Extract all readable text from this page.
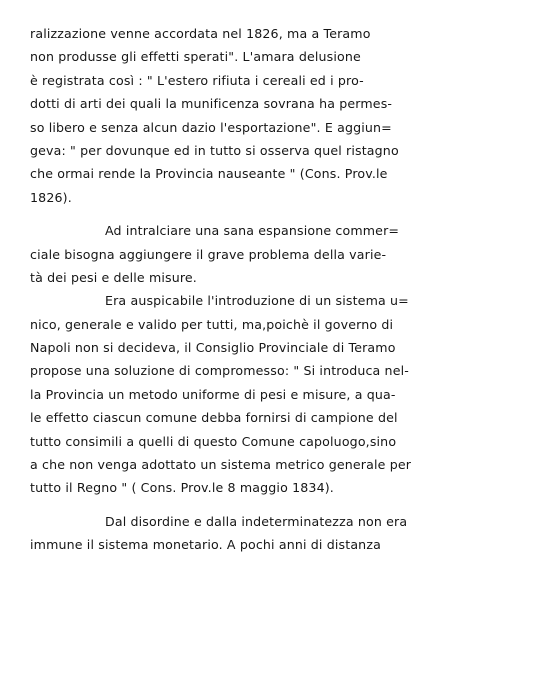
ralizzazione venne accordata nel 1826, ma a Teramo
non produsse gli effetti sperati". L'amara delusione
è registrata così : " L'estero rifiuta i cereali ed i pro-
dotti di arti dei quali la munificenza sovrana ha permes-
so libero e senza alcun dazio l'esportazione". E aggiun=
geva: " per dovunque ed in tutto si osserva quel ristagno
che ormai rende la Provincia nauseante " (Cons. Prov.le
1826).
Ad intralciare una sana espansione commer=
ciale bisogna aggiungere il grave problema della varie-
tà dei pesi e delle misure.
Era auspicabile l'introduzione di un sistema u=
nico, generale e valido per tutti, ma,poichè il governo di
Napoli non si decideva, il Consiglio Provinciale di Teramo
propose una soluzione di compromesso: " Si introduca nel-
la Provincia un metodo uniforme di pesi e misure, a qua-
le effetto ciascun comune debba fornirsi di campione del
tutto consimili a quelli di questo Comune capoluogo,sino
a che non venga adottato un sistema metrico generale per
tutto il Regno " ( Cons. Prov.le 8 maggio 1834).
Dal disordine e dalla indeterminatezza non era
immune il sistema monetario. A pochi anni di distanza
